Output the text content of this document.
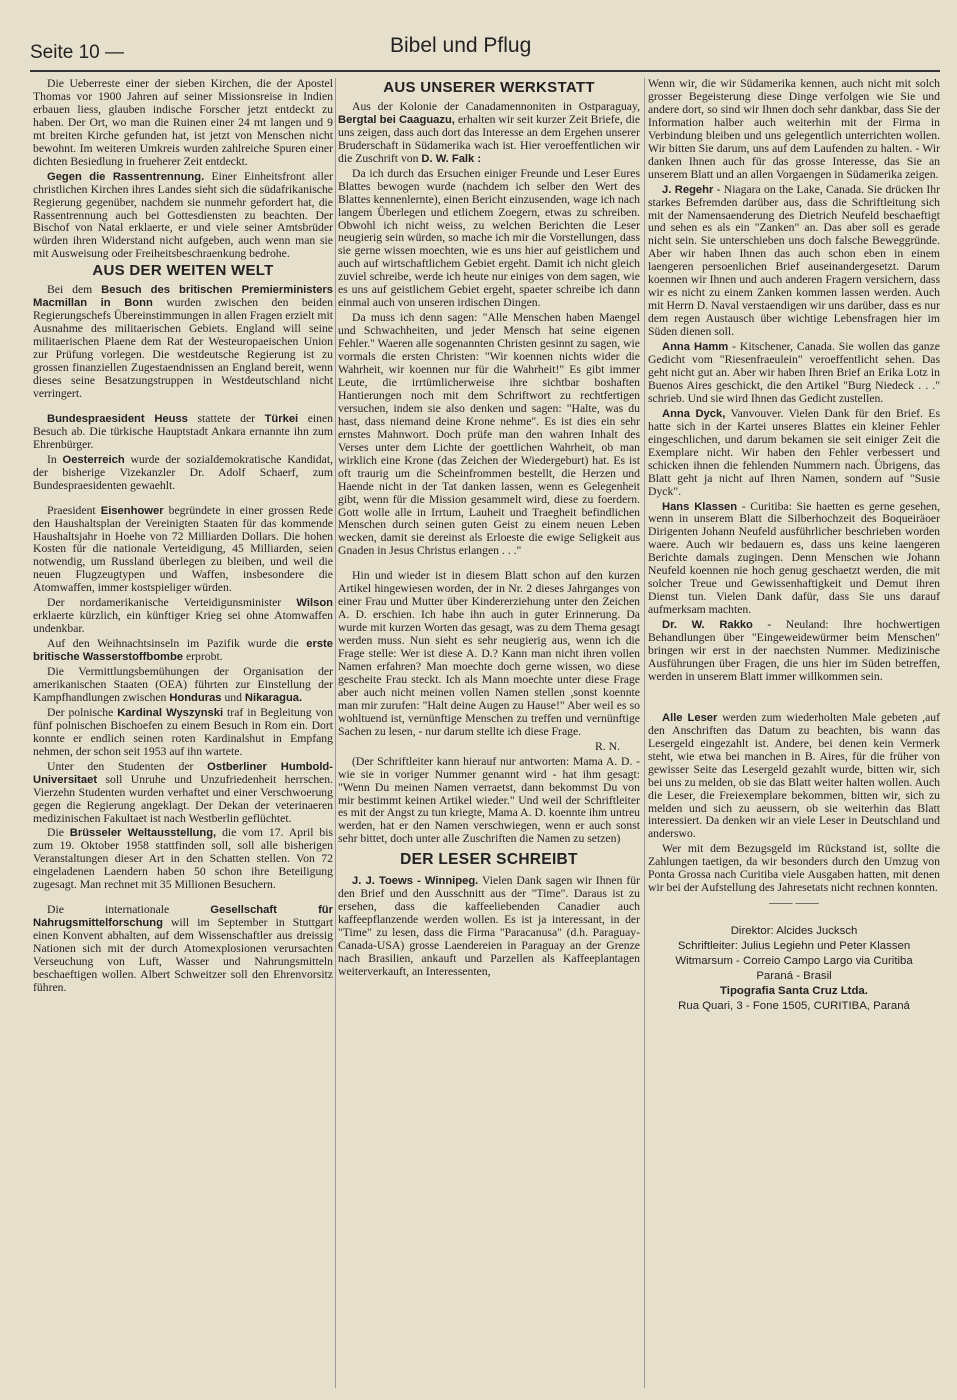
Seite 10 —	Bibel und Pflug

Die Ueberreste einer der sieben Kirchen, die der Apostel Thomas vor 1900 Jahren auf seiner Missionsreise in Indien erbauen liess, glauben indische Forscher jetzt entdeckt zu haben. Der Ort, wo man die Ruinen einer 24 mt langen und 9 mt breiten Kirche gefunden hat, ist jetzt von Menschen nicht bewohnt. Im weiteren Umkreis wurden zahlreiche Spuren einer dichten Besiedlung in frueherer Zeit entdeckt.

Gegen die Rassentrennung. Einer Einheitsfront aller christlichen Kirchen ihres Landes sieht sich die südafrikanische Regierung gegenüber, nachdem sie nunmehr gefordert hat, die Rassentrennung auch bei Gottesdiensten zu beachten. Der Bischof von Natal erklaerte, er und viele seiner Amtsbrüder würden ihren Widerstand nicht aufgeben, auch wenn man sie mit Ausweisung oder Freiheitsbeschraenkung bedrohe.

AUS DER WEITEN WELT

Bei dem Besuch des britischen Premierministers Macmillan in Bonn wurden zwischen den beiden Regierungschefs Übereinstimmungen in allen Fragen erzielt mit Ausnahme des militaerischen Gebiets. England will seine militaerischen Plaene dem Rat der Westeuropaeischen Union zur Prüfung vorlegen. Die westdeutsche Regierung ist zu grossen finanziellen Zugestaendnissen an England bereit, wenn dieses seine Besatzungstruppen in Westdeutschland nicht verringert.

Bundespraesident Heuss stattete der Türkei einen Besuch ab. Die türkische Hauptstadt Ankara ernannte ihn zum Ehrenbürger.

In Oesterreich wurde der sozialdemokratische Kandidat, der bisherige Vizekanzler Dr. Adolf Schaerf, zum Bundespraesidenten gewaehlt.

Praesident Eisenhower begründete in einer grossen Rede den Haushaltsplan der Vereinigten Staaten für das kommende Haushaltsjahr in Hoehe von 72 Milliarden Dollars. Die hohen Kosten für die nationale Verteidigung, 45 Milliarden, seien notwendig, um Russland überlegen zu bleiben, und weil die neuen Flugzeugtypen und Waffen, insbesondere die Atomwaffen, immer kostspieliger würden.

Der nordamerikanische Verteidigunsminister Wilson erklaerte kürzlich, ein künftiger Krieg sei ohne Atomwaffen undenkbar.

Auf den Weihnachtsinseln im Pazifik wurde die erste britische Wasserstoffbombe erprobt.

Die Vermittlungsbemühungen der Organisation der amerikanischen Staaten (OEA) führten zur Einstellung der Kampfhandlungen zwischen Honduras und Nikaragua.

Der polnische Kardinal Wyszynski traf in Begleitung von fünf polnischen Bischoefen zu einem Besuch in Rom ein. Dort konnte er endlich seinen roten Kardinalshut in Empfang nehmen, der schon seit 1953 auf ihn wartete.

Unter den Studenten der Ostberliner Humbold-Universitaet soll Unruhe und Unzufriedenheit herrschen. Vierzehn Studenten wurden verhaftet und einer Verschwoerung gegen die Regierung angeklagt. Der Dekan der veterinaeren medizinischen Fakultaet ist nach Westberlin geflüchtet.

Die Brüsseler Weltausstellung, die vom 17. April bis zum 19. Oktober 1958 stattfinden soll, soll alle bisherigen Veranstaltungen dieser Art in den Schatten stellen. Von 72 eingeladenen Laendern haben 50 schon ihre Beteiligung zugesagt. Man rechnet mit 35 Millionen Besuchern.

Die internationale Gesellschaft für Nahrugsmittelforschung will im September in Stuttgart einen Konvent abhalten, auf dem Wissenschaftler aus dreissig Nationen sich mit der durch Atomexplosionen verursachten Verseuchung von Luft, Wasser und Nahrungsmitteln beschaeftigen wollen. Albert Schweitzer soll den Ehrenvorsitz führen.

AUS UNSERER WERKSTATT

Aus der Kolonie der Canadamennoniten in Ostparaguay, Bergtal bei Caaguazu, erhalten wir seit kurzer Zeit Briefe, die uns zeigen, dass auch dort das Interesse an dem Ergehen unserer Bruderschaft in Südamerika wach ist. Hier veroeffentlichen wir die Zuschrift von D. W. Falk :

Da ich durch das Ersuchen einiger Freunde und Leser Eures Blattes bewogen wurde (nachdem ich selber den Wert des Blattes kennenlernte), einen Bericht einzusenden, wage ich nach langem Überlegen und etlichem Zoegern, etwas zu schreiben. Obwohl ich nicht weiss, zu welchen Berichten die Leser neugierig sein würden, so mache ich mir die Vorstellungen, dass sie gerne wissen moechten, wie es uns hier auf geistlichem und auch auf wirtschaftlichem Gebiet ergeht. Damit ich nicht gleich zuviel schreibe, werde ich heute nur einiges von dem sagen, wie es uns auf geistlichem Gebiet ergeht, spaeter schreibe ich dann einmal auch von unseren irdischen Dingen.

Da muss ich denn sagen: "Alle Menschen haben Maengel und Schwachheiten, und jeder Mensch hat seine eigenen Fehler." Waeren alle sogenannten Christen gesinnt zu sagen, wie vormals die ersten Christen: "Wir koennen nichts wider die Wahrheit, wir koennen nur für die Wahrheit!" Es gibt immer Leute, die irrtümlicherweise ihre sichtbar boshaften Hantierungen noch mit dem Schriftwort zu rechtfertigen versuchen, indem sie also denken und sagen: "Halte, was du hast, dass niemand deine Krone nehme". Es ist dies ein sehr ernstes Mahnwort. Doch prüfe man den wahren Inhalt des Verses unter dem Lichte der goettlichen Wahrheit, ob man wirklich eine Krone (das Zeichen der Wiedergeburt) hat. Es ist oft traurig um die Scheinfrommen bestellt, die Herzen und Haende nicht in der Tat danken lassen, wenn es Gelegenheit gibt, wenn für die Mission gesammelt wird, diese zu foerdern. Gott wolle alle in Irrtum, Lauheit und Traegheit befindlichen Menschen durch seinen guten Geist zu einem neuen Leben wecken, damit sie dereinst als Erloeste die ewige Seligkeit aus Gnaden in Jesus Christus erlangen . . ."

Hin und wieder ist in diesem Blatt schon auf den kurzen Artikel hingewiesen worden, der in Nr. 2 dieses Jahrganges von einer Frau und Mutter über Kindererziehung unter den Zeichen A. D. erschien. Ich habe ihn auch in guter Erinnerung. Da wurde mit kurzen Worten das gesagt, was zu dem Thema gesagt werden muss. Nun sieht es sehr neugierig aus, wenn ich die Frage stelle: Wer ist diese A. D.? Kann man nicht ihren vollen Namen erfahren? Man moechte doch gerne wissen, wo diese gescheite Frau steckt. Ich als Mann moechte unter diese Frage aber auch nicht meinen vollen Namen stellen ,sonst koennte man mir zurufen: "Halt deine Augen zu Hause!" Aber weil es so wohltuend ist, vernünftige Menschen zu treffen und vernünftige Sachen zu lesen, - nur darum stellte ich diese Frage.

R. N.

(Der Schriftleiter kann hierauf nur antworten: Mama A. D. - wie sie in voriger Nummer genannt wird - hat ihm gesagt: "Wenn Du meinen Namen verraetst, dann bekommst Du von mir bestimmt keinen Artikel wieder." Und weil der Schriftleiter es mit der Angst zu tun kriegte, Mama A. D. koennte ihm untreu werden, hat er den Namen verschwiegen, wenn er auch sonst sehr bittet, doch unter alle Zuschriften die Namen zu setzen)

DER LESER SCHREIBT

J. J. Toews - Winnipeg. Vielen Dank sagen wir Ihnen für den Brief und den Ausschnitt aus der "Time". Daraus ist zu ersehen, dass die kaffeeliebenden Canadier auch kaffeepflanzende werden wollen. Es ist ja interessant, in der "Time" zu lesen, dass die Firma "Paracanusa" (d.h. Paraguay-Canada-USA) grosse Laendereien in Paraguay an der Grenze nach Brasilien, ankauft und Parzellen als Kaffeeplantagen weiterverkauft, an Interessenten,

Wenn wir, die wir Südamerika kennen, auch nicht mit solch grosser Begeisterung diese Dinge verfolgen wie Sie und andere dort, so sind wir Ihnen doch sehr dankbar, dass Sie der Information halber auch weiterhin mit der Firma in Verbindung bleiben und uns gelegentlich unterrichten wollen. Wir bitten Sie darum, uns auf dem Laufenden zu halten. - Wir danken Ihnen auch für das grosse Interesse, das Sie an unserem Blatt und an allen Vorgaengen in Südamerika zeigen.

J. Regehr - Niagara on the Lake, Canada. Sie drücken Ihr starkes Befremden darüber aus, dass die Schriftleitung sich mit der Namensaenderung des Dietrich Neufeld beschaeftigt und sehen es als ein "Zanken" an. Das aber soll es gerade nicht sein. Sie unterschieben uns doch falsche Beweggründe. Aber wir haben Ihnen das auch schon eben in einem laengeren persoenlichen Brief auseinandergesetzt. Darum koennen wir Ihnen und auch anderen Fragern versichern, dass wir es nicht zu einem Zanken kommen lassen werden. Auch mit Herrn D. Naval verstaendigen wir uns darüber, dass es nur dem regen Austausch über wichtige Lebensfragen hier im Süden dienen soll.

Anna Hamm - Kitschener, Canada. Sie wollen das ganze Gedicht vom "Riesenfraeulein" veroeffentlicht sehen. Das geht nicht gut an. Aber wir haben Ihren Brief an Erika Lotz in Buenos Aires geschickt, die den Artikel "Burg Niedeck . . ." schrieb. Und sie wird Ihnen das Gedicht zustellen.

Anna Dyck, Vanvouver. Vielen Dank für den Brief. Es hatte sich in der Kartei unseres Blattes ein kleiner Fehler eingeschlichen, und darum bekamen sie seit einiger Zeit die Exemplare nicht. Wir haben den Fehler verbessert und schicken ihnen die fehlenden Nummern nach. Übrigens, das Blatt geht ja nicht auf Ihren Namen, sondern auf "Susie Dyck".

Hans Klassen - Curitiba: Sie haetten es gerne gesehen, wenn in unserem Blatt die Silberhochzeit des Boqueiräoer Dirigenten Johann Neufeld ausführlicher beschrieben worden waere. Auch wir bedauern es, dass uns keine laengeren Berichte damals zugingen. Denn Menschen wie Johann Neufeld koennen nie hoch genug geschaetzt werden, die mit solcher Treue und Gewissenhaftigkeit und Demut ihren Dienst tun. Vielen Dank dafür, dass Sie uns darauf aufmerksam machten.

Dr. W. Rakko - Neuland: Ihre hochwertigen Behandlungen über "Eingeweidewürmer beim Menschen" bringen wir erst in der naechsten Nummer. Medizinische Ausführungen über Fragen, die uns hier im Süden betreffen, werden in unserem Blatt immer willkommen sein.

Alle Leser werden zum wiederholten Male gebeten ,auf den Anschriften das Datum zu beachten, bis wann das Lesergeld eingezahlt ist. Andere, bei denen kein Vermerk steht, wie etwa bei manchen in B. Aires, für die früher von gewisser Seite das Lesergeld gezahlt wurde, bitten wir, sich bei uns zu melden, ob sie das Blatt weiter halten wollen. Auch die Leser, die Freiexemplare bekommen, bitten wir, sich zu melden und sich zu aeussern, ob sie weiterhin das Blatt interessiert. Da denken wir an viele Leser in Deutschland und anderswo.

Wer mit dem Bezugsgeld im Rückstand ist, sollte die Zahlungen taetigen, da wir besonders durch den Umzug von Ponta Grossa nach Curitiba viele Ausgaben hatten, mit denen wir bei der Aufstellung des Jahresetats nicht rechnen konnten.

—— ——
Direktor: Alcides Jucksch
Schriftleiter: Julius Legiehn und Peter Klassen
Witmarsum - Correio Campo Largo via Curitiba
Paraná - Brasil
Tipografia Santa Cruz Ltda.
Rua Quari, 3 - Fone 1505, CURITIBA, Paraná
